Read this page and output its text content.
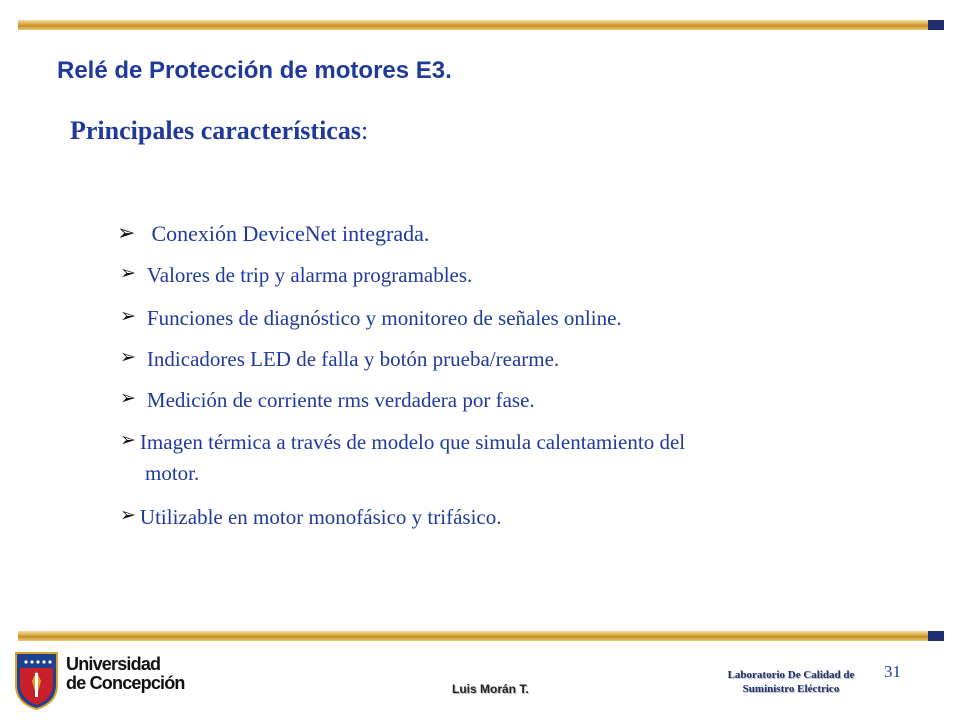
Relé de Protección de motores E3.
Principales características:
➢ Conexión DeviceNet integrada.
➢ Valores de trip y alarma programables.
➢ Funciones de diagnóstico y monitoreo de señales online.
➢ Indicadores LED de falla y botón prueba/rearme.
➢ Medición de corriente rms verdadera por fase.
➢ Imagen térmica a través de modelo que simula calentamiento del
motor.
➢ Utilizable en motor monofásico y trifásico.
Universidad
de Concepción	Luis Morán T.
Laboratorio De Calidad de
Suministro Eléctrico
31
